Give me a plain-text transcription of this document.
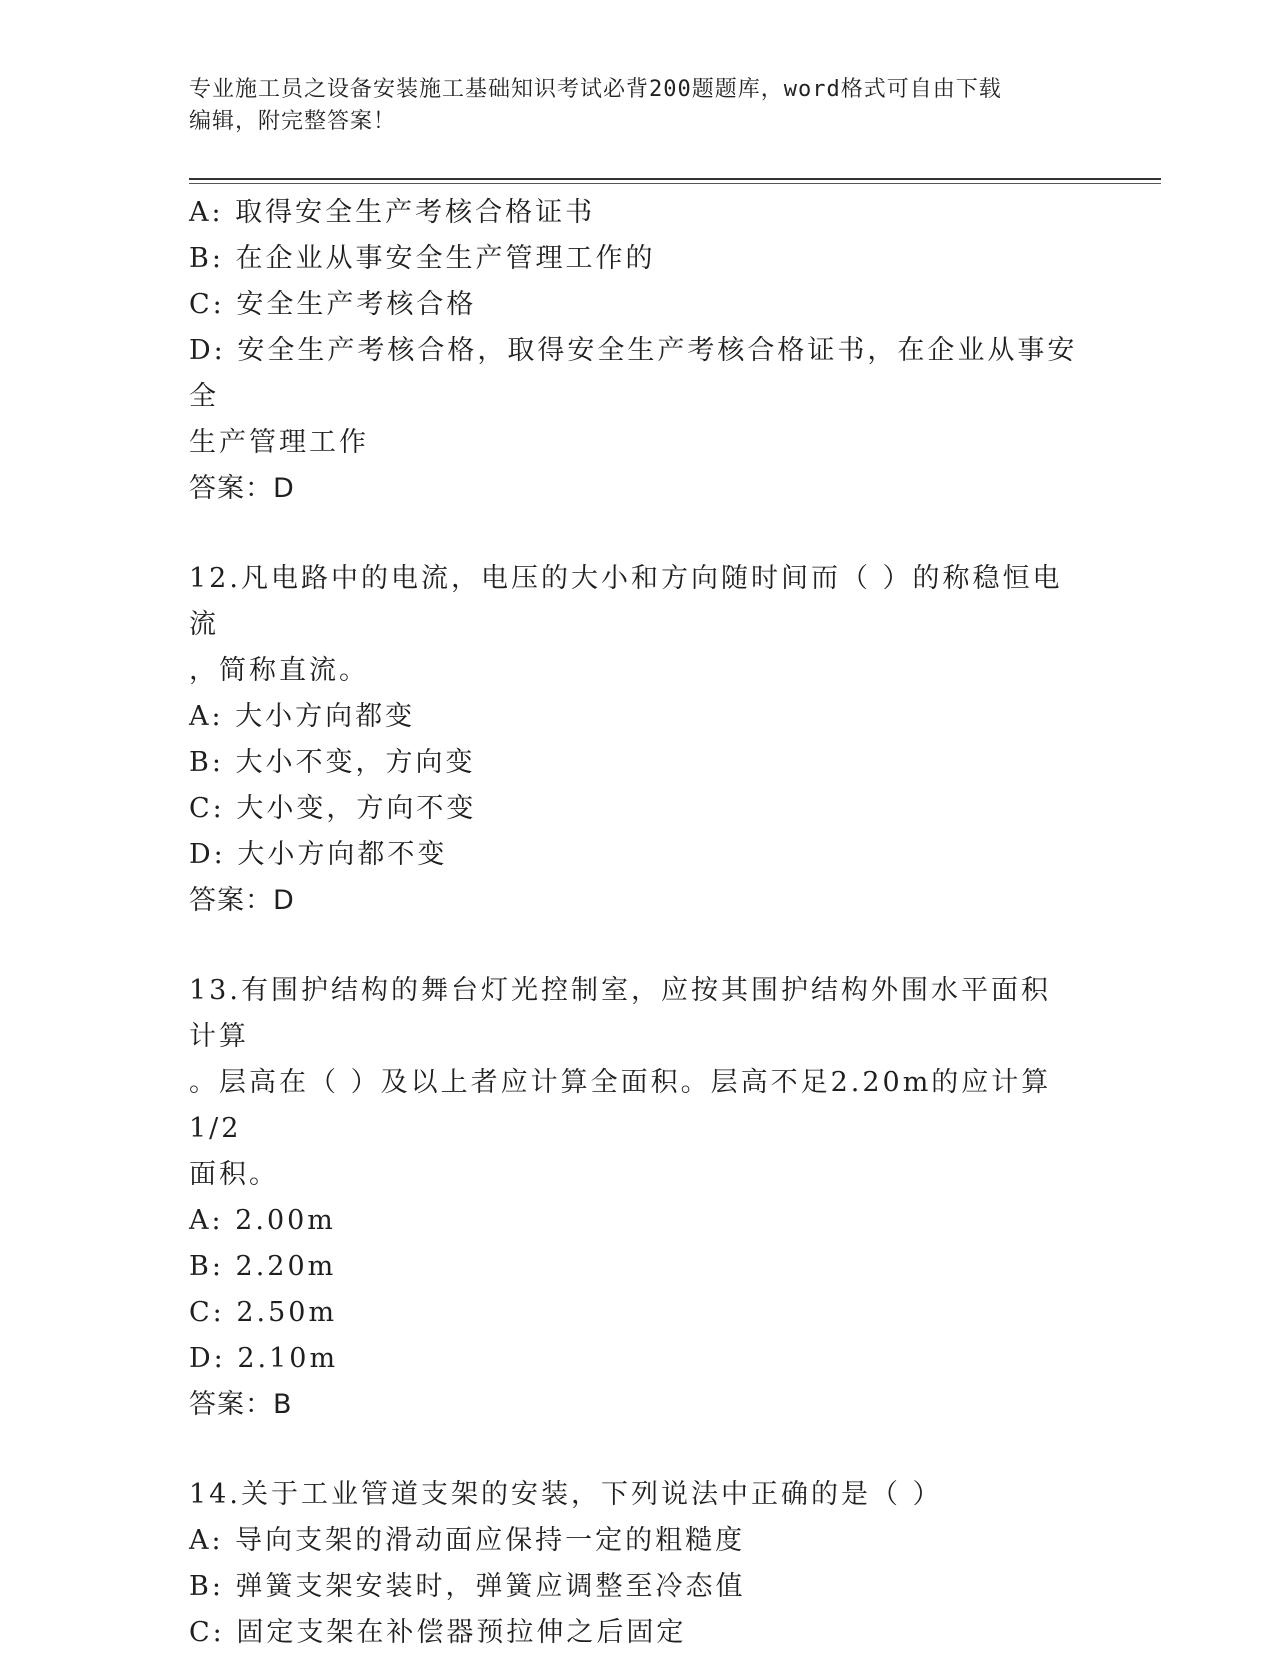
专业施工员之设备安装施工基础知识考试必背200题题库，word格式可自由下载
编辑，附完整答案！
A: 取得安全生产考核合格证书
B: 在企业从事安全生产管理工作的
C: 安全生产考核合格
D: 安全生产考核合格，取得安全生产考核合格证书，在企业从事安全
生产管理工作
答案：D
12.凡电路中的电流，电压的大小和方向随时间而（ ）的称稳恒电流
，简称直流。
A: 大小方向都变
B: 大小不变，方向变
C: 大小变，方向不变
D: 大小方向都不变
答案：D
13.有围护结构的舞台灯光控制室，应按其围护结构外围水平面积计算
。层高在（ ）及以上者应计算全面积。层高不足2.20m的应计算1/2
面积。
A: 2.00m
B: 2.20m
C: 2.50m
D: 2.10m
答案：B
14.关于工业管道支架的安装，下列说法中正确的是（ ）
A: 导向支架的滑动面应保持一定的粗糙度
B: 弹簧支架安装时，弹簧应调整至冷态值
C: 固定支架在补偿器预拉伸之后固定
